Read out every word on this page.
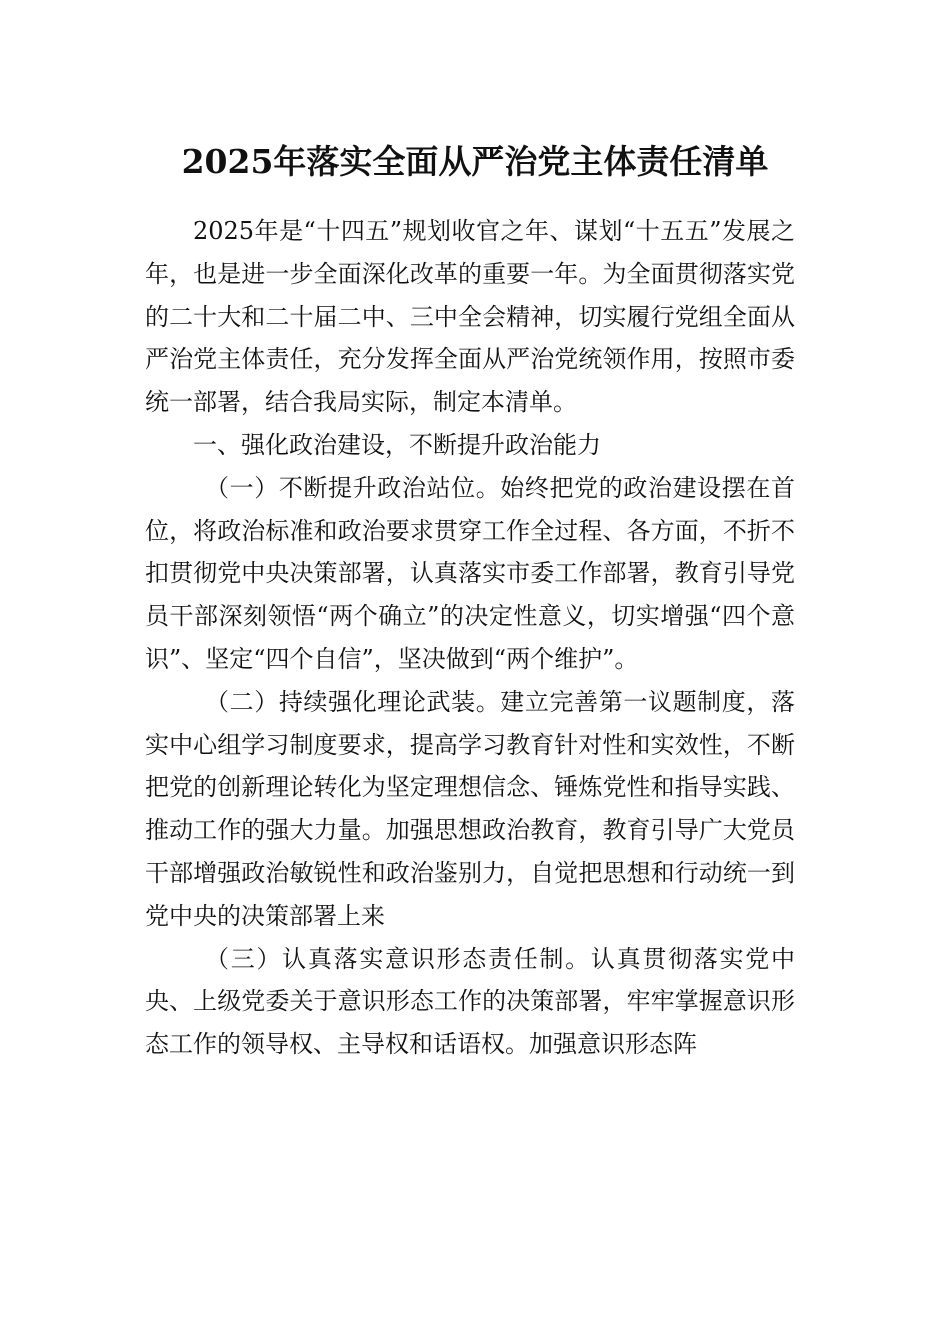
2025年落实全面从严治党主体责任清单

2025年是“十四五”规划收官之年、谋划“十五五”发展之年，也是进一步全面深化改革的重要一年。为全面贯彻落实党的二十大和二十届二中、三中全会精神，切实履行党组全面从严治党主体责任，充分发挥全面从严治党统领作用，按照市委统一部署，结合我局实际，制定本清单。

一、强化政治建设，不断提升政治能力

（一）不断提升政治站位。始终把党的政治建设摆在首位，将政治标准和政治要求贯穿工作全过程、各方面，不折不扣贯彻党中央决策部署，认真落实市委工作部署，教育引导党员干部深刻领悟“两个确立”的决定性意义，切实增强“四个意识”、坚定“四个自信”，坚决做到“两个维护”。

（二）持续强化理论武装。建立完善第一议题制度，落实中心组学习制度要求，提高学习教育针对性和实效性，不断把党的创新理论转化为坚定理想信念、锤炼党性和指导实践、推动工作的强大力量。加强思想政治教育，教育引导广大党员干部增强政治敏锐性和政治鉴别力，自觉把思想和行动统一到党中央的决策部署上来

（三）认真落实意识形态责任制。认真贯彻落实党中央、上级党委关于意识形态工作的决策部署，牢牢掌握意识形态工作的领导权、主导权和话语权。加强意识形态阵
